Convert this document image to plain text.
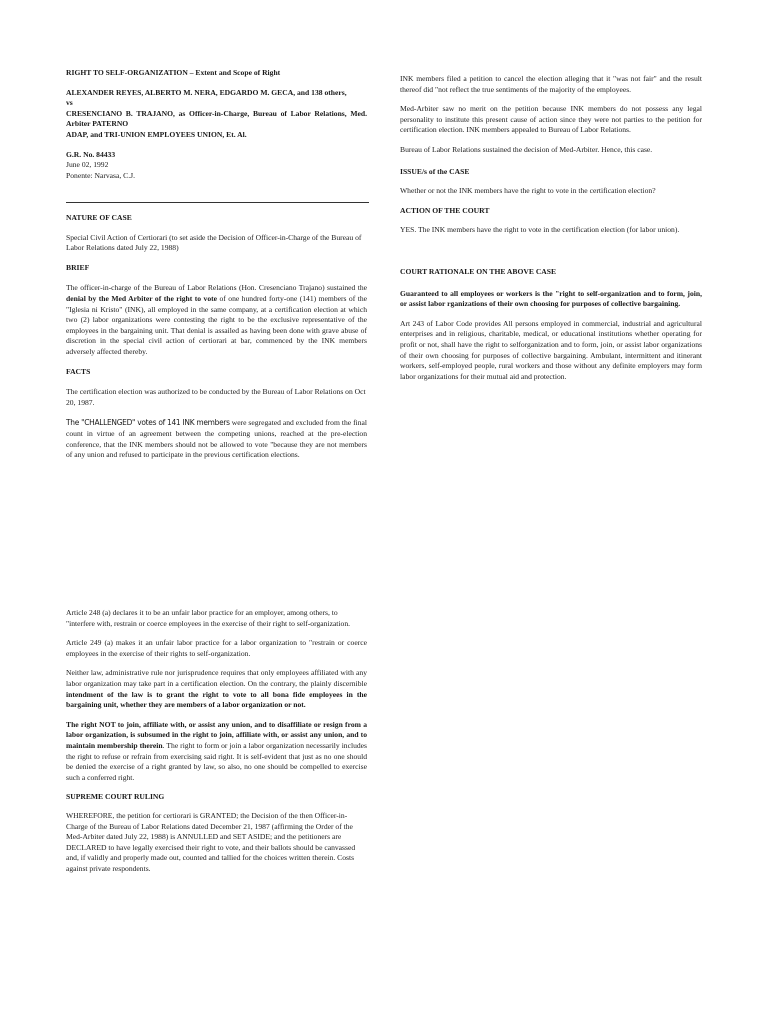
RIGHT TO SELF-ORGANIZATION – Extent and Scope of Right

ALEXANDER REYES, ALBERTO M. NERA, EDGARDO M. GECA, and 138 others,
vs
CRESENCIANO B. TRAJANO, as Officer-in-Charge, Bureau of Labor Relations, Med. Arbiter PATERNO
ADAP, and TRI-UNION EMPLOYEES UNION, Et. Al.
G.R. No. 84433
June 02, 1992
Ponente: Narvasa, C.J.

NATURE OF CASE

Special Civil Action of Certiorari (to set aside the Decision of Officer-in-Charge of the Bureau of Labor Relations dated July 22, 1988)

BRIEF

The officer-in-charge of the Bureau of Labor Relations (Hon. Cresenciano Trajano) sustained the denial by the Med Arbiter of the right to vote of one hundred forty-one (141) members of the "Iglesia ni Kristo" (INK), all employed in the same company, at a certification election at which two (2) labor organizations were contesting the right to be the exclusive representative of the employees in the bargaining unit. That denial is assailed as having been done with grave abuse of discretion in the special civil action of certiorari at bar, commenced by the INK members adversely affected thereby.

FACTS

The certification election was authorized to be conducted by the Bureau of Labor Relations on Oct 20, 1987.

The "CHALLENGED" votes of 141 INK members were segregated and excluded from the final count in virtue of an agreement between the competing unions, reached at the pre-election conference, that the INK members should not be allowed to vote "because they are not members of any union and refused to participate in the previous certification elections.

INK members filed a petition to cancel the election alleging that it "was not fair" and the result thereof did "not reflect the true sentiments of the majority of the employees.

Med-Arbiter saw no merit on the petition because INK members do not possess any legal personality to institute this present cause of action since they were not parties to the petition for certification election. INK members appealed to Bureau of Labor Relations.

Bureau of Labor Relations sustained the decision of Med-Arbiter. Hence, this case.

ISSUE/s of the CASE

Whether or not the INK members have the right to vote in the certification election?

ACTION OF THE COURT

YES. The INK members have the right to vote in the certification election (for labor union).

COURT RATIONALE ON THE ABOVE CASE

Guaranteed to all employees or workers is the "right to self-organization and to form, join, or assist labor rganizations of their own choosing for purposes of collective bargaining.

Art 243 of Labor Code provides All persons employed in commercial, industrial and agricultural enterprises and in religious, charitable, medical, or educational institutions whether operating for profit or not, shall have the right to selforganization and to form, join, or assist labor organizations of their own choosing for purposes of collective bargaining. Ambulant, intermittent and itinerant workers, self-employed people, rural workers and those without any definite employers may form labor organizations for their mutual aid and protection.

Article 248 (a) declares it to be an unfair labor practice for an employer, among others, to "interfere with, restrain or coerce employees in the exercise of their right to self-organization.

Article 249 (a) makes it an unfair labor practice for a labor organization to "restrain or coerce employees in the exercise of their rights to self-organization.

Neither law, administrative rule nor jurisprudence requires that only employees affiliated with any labor organization may take part in a certification election. On the contrary, the plainly discernible intendment of the law is to grant the right to vote to all bona fide employees in the bargaining unit, whether they are members of a labor organization or not.

The right NOT to join, affiliate with, or assist any union, and to disaffiliate or resign from a labor organization, is subsumed in the right to join, affiliate with, or assist any union, and to maintain membership therein. The right to form or join a labor organization necessarily includes the right to refuse or refrain from exercising said right. It is self-evident that just as no one should be denied the exercise of a right granted by law, so also, no one should be compelled to exercise such a conferred right.

SUPREME COURT RULING

WHEREFORE, the petition for certiorari is GRANTED; the Decision of the then Officer-in-Charge of the Bureau of Labor Relations dated December 21, 1987 (affirming the Order of the Med-Arbiter dated July 22, 1988) is ANNULLED and SET ASIDE; and the petitioners are DECLARED to have legally exercised their right to vote, and their ballots should be canvassed and, if validly and properly made out, counted and tallied for the choices written therein. Costs against private respondents.
